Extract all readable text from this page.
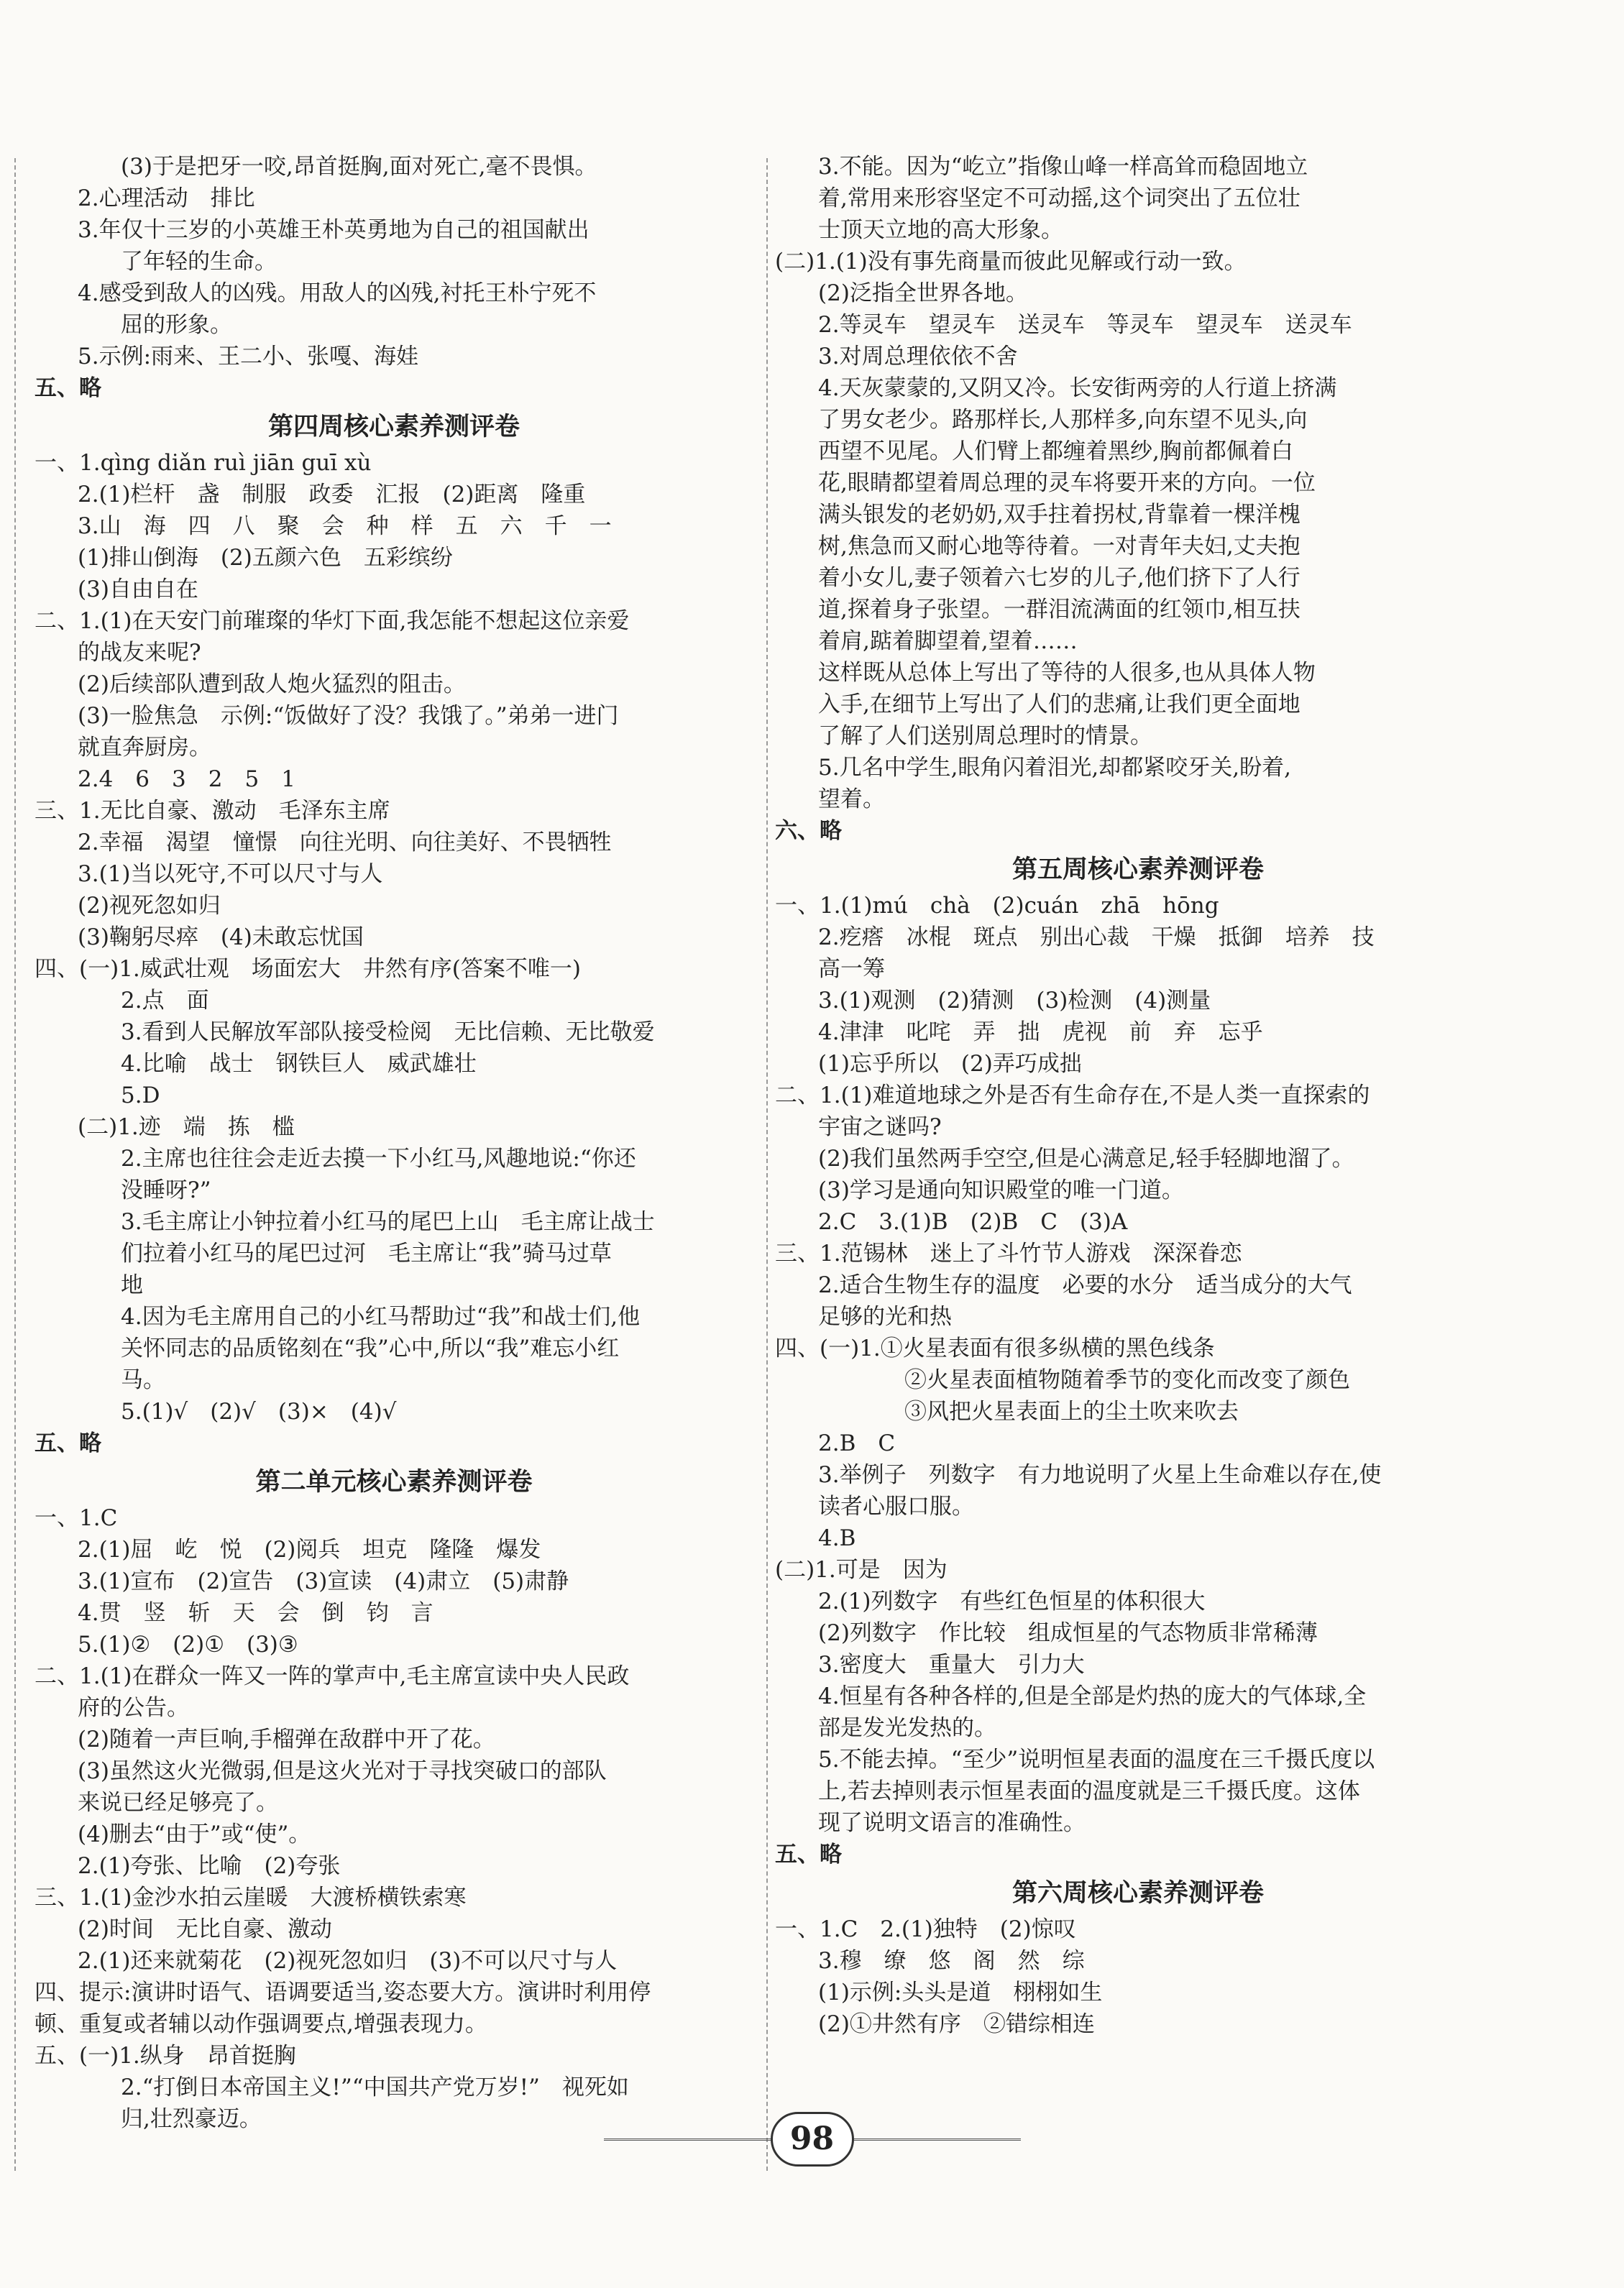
(3)于是把牙一咬,昂首挺胸,面对死亡,毫不畏惧。
2.心理活动　排比
3.年仅十三岁的小英雄王朴英勇地为自己的祖国献出
了年轻的生命。
4.感受到敌人的凶残。用敌人的凶残,衬托王朴宁死不
屈的形象。
5.示例:雨来、王二小、张嘎、海娃
五、略
第四周核心素养测评卷
一、1.qìng diǎn ruì jiān guī xù
2.(1)栏杆　盏　制服　政委　汇报　(2)距离　隆重
3.山　海　四　八　聚　会　种　样　五　六　千　一
(1)排山倒海　(2)五颜六色　五彩缤纷
(3)自由自在
二、1.(1)在天安门前璀璨的华灯下面,我怎能不想起这位亲爱
的战友来呢?
(2)后续部队遭到敌人炮火猛烈的阻击。
(3)一脸焦急　示例:“饭做好了没？我饿了。”弟弟一进门
就直奔厨房。
2.4　6　3　2　5　1
三、1.无比自豪、激动　毛泽东主席
2.幸福　渴望　憧憬　向往光明、向往美好、不畏牺牲
3.(1)当以死守,不可以尺寸与人
(2)视死忽如归
(3)鞠躬尽瘁　(4)未敢忘忧国
四、(一)1.威武壮观　场面宏大　井然有序(答案不唯一)
2.点　面
3.看到人民解放军部队接受检阅　无比信赖、无比敬爱
4.比喻　战士　钢铁巨人　威武雄壮
5.D
(二)1.迹　端　拣　槛
2.主席也往往会走近去摸一下小红马,风趣地说:“你还
没睡呀?”
3.毛主席让小钟拉着小红马的尾巴上山　毛主席让战士
们拉着小红马的尾巴过河　毛主席让“我”骑马过草
地
4.因为毛主席用自己的小红马帮助过“我”和战士们,他
关怀同志的品质铭刻在“我”心中,所以“我”难忘小红
马。
5.(1)√　(2)√　(3)×　(4)√
五、略
第二单元核心素养测评卷
一、1.C
2.(1)屈　屹　悦　(2)阅兵　坦克　隆隆　爆发
3.(1)宣布　(2)宣告　(3)宣读　(4)肃立　(5)肃静
4.贯　竖　斩　天　会　倒　钧　言
5.(1)②　(2)①　(3)③
二、1.(1)在群众一阵又一阵的掌声中,毛主席宣读中央人民政
府的公告。
(2)随着一声巨响,手榴弹在敌群中开了花。
(3)虽然这火光微弱,但是这火光对于寻找突破口的部队
来说已经足够亮了。
(4)删去“由于”或“使”。
2.(1)夸张、比喻　(2)夸张
三、1.(1)金沙水拍云崖暖　大渡桥横铁索寒
(2)时间　无比自豪、激动
2.(1)还来就菊花　(2)视死忽如归　(3)不可以尺寸与人
四、提示:演讲时语气、语调要适当,姿态要大方。演讲时利用停
顿、重复或者辅以动作强调要点,增强表现力。
五、(一)1.纵身　昂首挺胸
2.“打倒日本帝国主义!”“中国共产党万岁!”　视死如
归,壮烈豪迈。
3.不能。因为“屹立”指像山峰一样高耸而稳固地立
着,常用来形容坚定不可动摇,这个词突出了五位壮
士顶天立地的高大形象。
(二)1.(1)没有事先商量而彼此见解或行动一致。
(2)泛指全世界各地。
2.等灵车　望灵车　送灵车　等灵车　望灵车　送灵车
3.对周总理依依不舍
4.天灰蒙蒙的,又阴又冷。长安街两旁的人行道上挤满
了男女老少。路那样长,人那样多,向东望不见头,向
西望不见尾。人们臂上都缠着黑纱,胸前都佩着白
花,眼睛都望着周总理的灵车将要开来的方向。一位
满头银发的老奶奶,双手拄着拐杖,背靠着一棵洋槐
树,焦急而又耐心地等待着。一对青年夫妇,丈夫抱
着小女儿,妻子领着六七岁的儿子,他们挤下了人行
道,探着身子张望。一群泪流满面的红领巾,相互扶
着肩,踮着脚望着,望着……
这样既从总体上写出了等待的人很多,也从具体人物
入手,在细节上写出了人们的悲痛,让我们更全面地
了解了人们送别周总理时的情景。
5.几名中学生,眼角闪着泪光,却都紧咬牙关,盼着,
望着。
六、略
第五周核心素养测评卷
一、1.(1)mú　chà　(2)cuán　zhā　hōng
2.疙瘩　冰棍　斑点　别出心裁　干燥　抵御　培养　技
高一筹
3.(1)观测　(2)猜测　(3)检测　(4)测量
4.津津　叱咤　弄　拙　虎视　前　弃　忘乎
(1)忘乎所以　(2)弄巧成拙
二、1.(1)难道地球之外是否有生命存在,不是人类一直探索的
宇宙之谜吗?
(2)我们虽然两手空空,但是心满意足,轻手轻脚地溜了。
(3)学习是通向知识殿堂的唯一门道。
2.C　3.(1)B　(2)B　C　(3)A
三、1.范锡林　迷上了斗竹节人游戏　深深眷恋
2.适合生物生存的温度　必要的水分　适当成分的大气
足够的光和热
四、(一)1.①火星表面有很多纵横的黑色线条
②火星表面植物随着季节的变化而改变了颜色
③风把火星表面上的尘土吹来吹去
2.B　C
3.举例子　列数字　有力地说明了火星上生命难以存在,使
读者心服口服。
4.B
(二)1.可是　因为
2.(1)列数字　有些红色恒星的体积很大
(2)列数字　作比较　组成恒星的气态物质非常稀薄
3.密度大　重量大　引力大
4.恒星有各种各样的,但是全部是灼热的庞大的气体球,全
部是发光发热的。
5.不能去掉。“至少”说明恒星表面的温度在三千摄氏度以
上,若去掉则表示恒星表面的温度就是三千摄氏度。这体
现了说明文语言的准确性。
五、略
第六周核心素养测评卷
一、1.C　2.(1)独特　(2)惊叹
3.穆　缭　悠　阁　然　综
(1)示例:头头是道　栩栩如生
(2)①井然有序　②错综相连
98
